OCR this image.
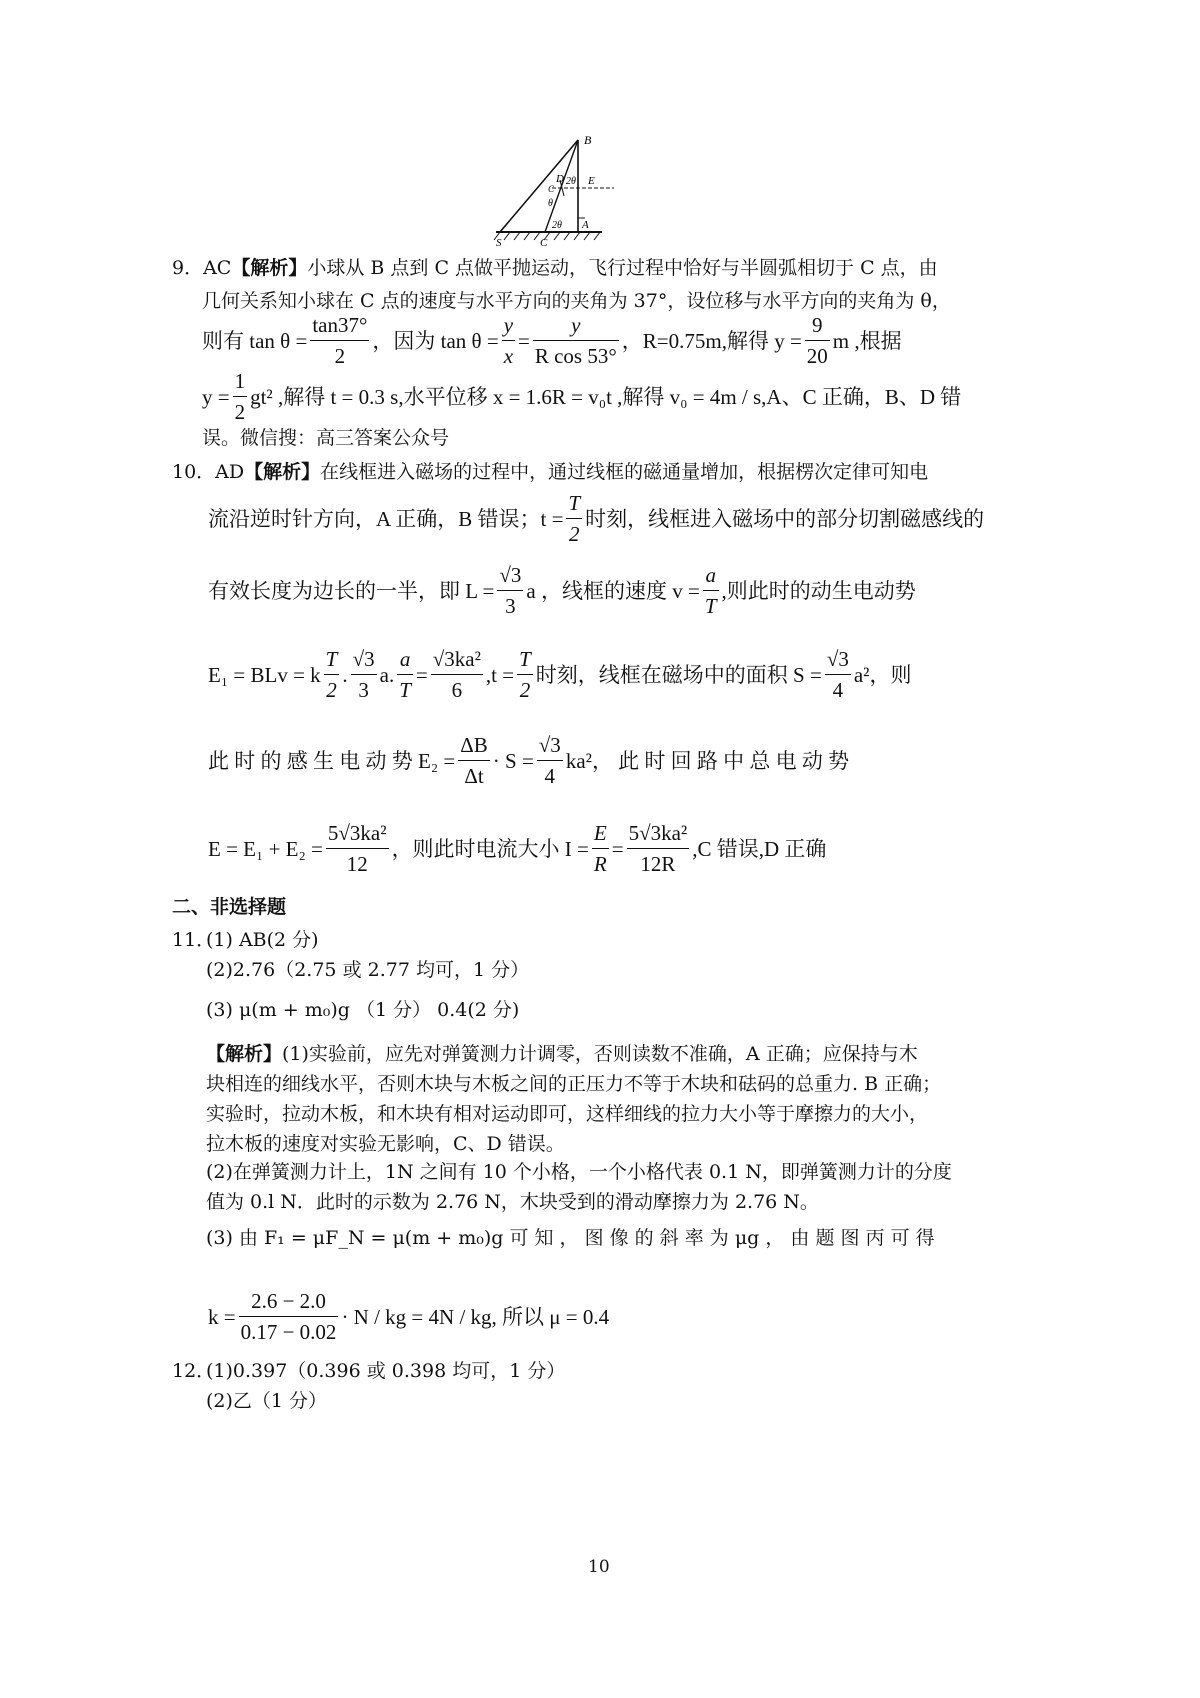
B
D 2θ E
C
θ
2θ A
S	C
9．AC【解析】小球从 B 点到 C 点做平抛运动，飞行过程中恰好与半圆弧相切于 C 点，由
几何关系知小球在 C 点的速度与水平方向的夹角为 37°，设位移与水平方向的夹角为 θ，
则有 $\tan \theta = \frac{\tan 37^\circ}{2}$ ，因为 $\tan \theta = \frac{y}{x} = \frac{y}{\text{R cos 53°}}$ ，R=0.75m,解得 $y = \frac{9}{20}$ m ,根据
$y = \frac{1}{2} gt^2$ ,解得 t = 0.3 s,水平位移 x = 1.6R = v₀t ,解得 v₀ = 4m / s,A、C 正确，B、D 错
误。微信搜：高三答案公众号
10．AD【解析】在线框进入磁场的过程中，通过线框的磁通量增加，根据楞次定律可知电
流沿逆时针方向，A 正确，B 错误； $t = \frac{T}{2}$ 时刻，线框进入磁场中的部分切割磁感线的
有效长度为边长的一半，即 $L = \frac{√3}{3}$ a ，线框的速度 $v = \frac{a}{T}$ ,则此时的动生电动势
E₁ = BLv = k $\frac{T}{2}$ . $\frac{√3}{3} a$. $\frac{a}{T} = \frac{\text{√3ka²}}{6} ,t = \frac{T}{2}$ 时刻，线框在磁场中的面积 $S = \frac{√3}{4} a^2$，则
此 时 的 感 生 电 动 势
$E_2 = \frac{\Delta B}{\Delta t} \cdot S = \frac{√3}{4} ka^2$ ， 此 时 回 路 中 总 电 动 势
$E = E_1 + E_2 = \frac{\text{5√3ka²}}{12}$ ，则此时电流大小 $I = \frac{E}{R} = \frac{\text{5√3ka²}}{12R} ,C$ 错误,D 正确
二、非选择题
11．
(1) AB(2 分)
(2)2.76（2.75 或 2.77 均可，1 分）
(3) μ(m + m₀)g （1 分） 0.4(2 分)
【解析】(1)实验前，应先对弹簧测力计调零，否则读数不准确，A 正确；应保持与木
块相连的细线水平，否则木块与木板之间的正压力不等于木块和砝码的总重力. B 正确；
实验时，拉动木板，和木块有相对运动即可，这样细线的拉力大小等于摩擦力的大小，
拉木板的速度对实验无影响，C、D 错误。
(2)在弹簧测力计上，1N 之间有 10 个小格，一个小格代表 0.1 N，即弹簧测力计的分度
值为 0.l N．此时的示数为 2.76 N，木块受到的滑动摩擦力为 2.76 N。
(3) 由 F₁ = μF_N = μ(m + m₀)g 可 知 ， 图 像 的 斜 率 为 μg ， 由 题 图 丙 可 得
$k = \frac{2.6 - 2.0}{0.17 - 0.02} \cdot N$ / kg = 4N / kg, 所以 μ = 0.4
12．
(1)0.397（0.396 或 0.398 均可，1 分）
(2)乙（1 分）
10
